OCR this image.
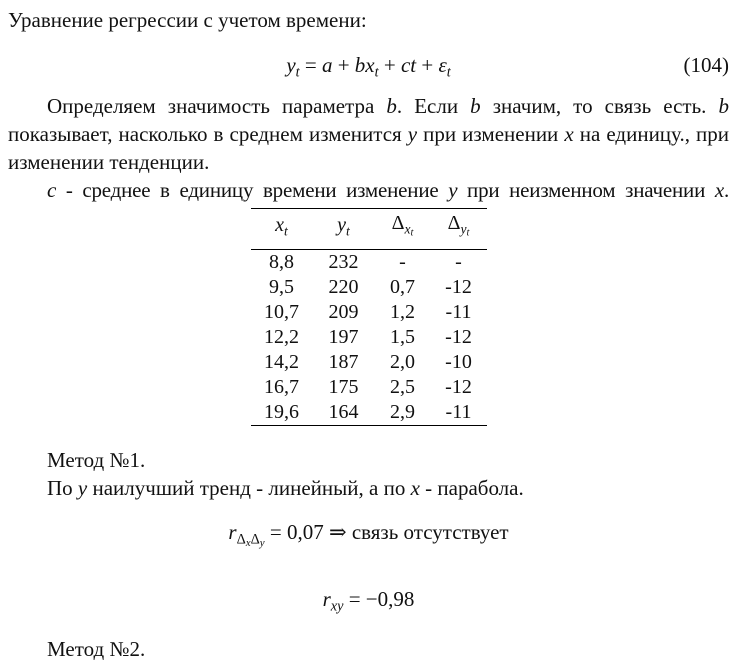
Уравнение регрессии с учетом времени:
$y_t = a + bx_t$ + ct + $\varepsilon_t$	(104)
Определяем значимость параметра b. Если b значим, то связь есть. b показывает, насколько в среднем изменится y при изменении x на единицу., при изменении тенденции.
c - среднее в единицу времени изменение y при неизменном значении x.
$x_t$	$y_t$	$\Delta_{xt}$	$\Delta_{yt}$
8,8	232	-	-
9,5	220	0,7	-12
10,7	209	1,2	-11
12,2	197	1,5	-12
14,2	187	2,0	-10
16,7	175	2,5	-12
19,6	164	2,9	-11
Метод №1.
По y наилучший тренд - линейный, а по x - парабола.
$r_{\Delta x\Delta y} = 0,07$ ⇒ связь отсутствует
$r_{xy} = -0,98$
Метод №2.
